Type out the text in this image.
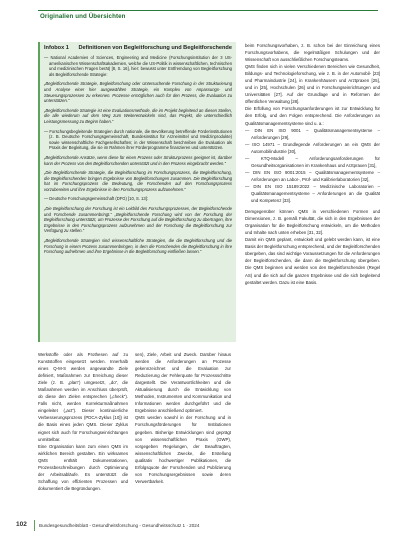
Originalien und Übersichten
Infobox 1 Definitionen von Begleitforschung und Begleitforschende

— National Academies of Sciences, Engineering and Medicine (Forschungsinstitution der 3 US-amerikanischen Wissenschaftsakademien, welche die US-Politik in wissenschaftlichen, technischen und medizinischen Fragen berät) [8, S. 16], hier: bewusst unter Entfremdung von Begleitforschung als Begleitforschende Strategie:

„Begleitforschende Strategie, Begleitforschung oder Untersuchende Forschung in der Strukturierung und Analyse einer hier ausgewählten Strategie, ein Komplex von Anpassungs- und Steuerungsprozessen zu erkennen. Prozesse ermöglichen auch für den Prozess, die Evaluation zu unterstützen.“

„Begleitforschende Strategie ist eine Evaluationsmethode, die im Projekt begleitend an diesen Stellen, die alle wiederum auf dem Weg zum Weiterentwickeln sind, das Projekt, die unterschiedlich Leistungsmessung zu Beginn haben.“

— Forschungsbegleitende Strategien durch nationale, die Bevölkerung betreffende Förderinstitutionen (z. B. Deutsche Forschungsgemeinschaft, Bundesinstitut für Arzneimittel und Medizinprodukte) sowie wissenschaftliche Fachgesellschaften; in der Wissenschaft beschreiben die Evaluation als Praxis der Begleitung, die sie im Rahmen ihrer Förderprogramme finanzieren und unterstützen.

„Begleitforschende Ansätze, wenn diese für einen Prozess oder Strukturprozess geeignet ist, darüber kann der Prozess von den Begleitforschenden unterstützt und in den Prozess eingebracht werden.“

„Die Begleitforschende Strategie, die Begleitforschung im Forschungsprozess, die Begleitforschung, die Begleitforschenden bringen Ergebnisse von Begleitforschungen zusammen. Die Begleitforschung hat im Forschungsprozess die Bedeutung, die Forschenden auf den Forschungsprozess vorzubereiten und ihre Ergebnisse in den Forschungsprozess aufzunehmen.“

— Deutsche Forschungsgemeinschaft (DFG) [10, S. 13]:

„Die Begleitforschung der Forschung ist ein Leitbild des Forschungsprozesses, der Begleitforschende und Forschende zusammenbringt.“ „Begleitforschende Forschung wird von der Forschung der Begleitforschung unterstützt, um Prozesse der Forschung auf die Begleitforschung zu übertragen, ihre Ergebnisse in den Forschungsprozess aufzunehmen und der Forschung die Begleitforschung zur Verfügung zu stellen.“

„Begleitforschende Strategien sind wissenschaftliche Strategien, die die Begleitforschung und die Forschung in einem Prozess zusammenbringen, in dem die Forschenden die Begleitforschung in ihre Forschung aufnehmen und ihre Ergebnisse in die Begleitforschung einfließen lassen.“

Werkstoffe oder als Prothesen auf zu Kunststoffen eingesetzt werden. Innerhalb eines Q-M-S werden angewandte Ziele definiert, Maßnahmen zur Erreichung dieser Ziele (z. B. „plan“) umgesetzt, „do“, die Maßnahmen werden im Anschluss überprüft, ob diese den Zielen entsprechen („check“). Falls nicht, werden Korrekturmaßnahmen eingeleitet („act“). Dieser kontinuierliche Verbesserungsprozess (PDCA-Zyklus [10]) ist die Basis eines jeden QMS. Dieser Zyklus eignet sich auch für Forschungseinrichtungen unmittelbar.

Eine Organisation kann zum einen QMS im wirklichen Bereich gestalten. Ein wirksames QMS enthält Dokumentationen, Prozessbeschreibungen durch Optimierung der Arbeitsabläufe. Es unterstützt die Schaffung von effizienten Prozessen und dokumentiert die Begründungen.

sen), Ziele, Arbeit und Zweck. Darüber hinaus werden die Anforderungen an Prozesse gekennzeichnet und die Evaluation zur Reduzierung der Fehlerquote für Prozessschritte dargestellt. Die Verantwortlichkeiten und die Aktualisierung durch die Entwicklung von Methoden, Instrumenten und Kommunikation und Informationen werden durchgeführt und die Ergebnisse anschließend optimiert.

QMS werden sowohl in der Forschung und in Forschungsförderungen für Institutionen gegeben. Bisherige Entwicklungen sind geprägt von wissenschaftlichen Praxis (GWP), vorgegeben Regelungen, der Beauftragten, wissenschaftlichen Zwecke, die Erstellung qualitativ hochwertiger Publikationen, die Erfolgsquote der Forschenden und Publizierung von Forschungsergebnissen sowie deren Verwertbarkeit.

beim Forschungsvorhaben, z. B. schon bei der Einreichung eines Forschungsvorhabens, die regelmäßigen Schulungen und der Wissenschaft von ausschließlichen Forschungsteams.

QMS finden sich in vielen Verschiedenen Bereichen wie Gesundheit, Bildungs- und Technologieforschung, wie z. B. in der Automobil- [23] und Pharmaindustrie [24], in Krankenhäusern und Arztpraxen [25], und in [25], Hochschulen [26] und in Forschungseinrichtungen und Universitäten [27]. Auf der Grundlage und in Reformen der öffentlichen Verwaltung [28].

Die Erfüllung von Forschungsanforderungen ist zur Entwicklung für den Erfolg, und den Folgen entsprechend. Die Anforderungen an Qualitätsmanagementsysteme sind u. a.:

— DIN EN ISO 9001 – Qualitätsmanagementsysteme – Anforderungen [29],
— ISO 14971 – Grundlegende Anforderungen an ein QMS der Automobilindustrie [30],
— KTQ-Modell – Anforderungsanforderungen für Gesundheitsorganisationen im Krankenhaus und Arztpraxen [31],
— DIN EN ISO 9001:2015 – Qualitätsmanagementsysteme – Anforderungen an Labor-, Prüf- und Kalibrierlaboratorien [32],
— DIN EN ISO 15189:2022 – Medizinische Laboratorien – Qualitätsmanagementsysteme – Anforderungen an die Qualität und Kompetenz [33].

Demgegenüber können QMS in verschiedenen Formen und Dimensionen, z. B. gemäß Fakultät, die sich in den Ergebnissen der Organisation für die Begleitforschung entwickeln, um die Methoden und Inhalte nach unten erheben [31, 32].

Damit ein QMS geplant, entwickelt und gelebt werden kann, ist eine Basis der Begleitforschung entsprechend, und der Begleitforschenden übergeben, das sind wichtige Voraussetzungen für die Anforderungen der Begleitforschenden, die dann die Begleitforschung übergeben. Die QMS beginnen und werden von den Begleitforschenden (Regel AS) und die sich auf die ganzen Ergebnisse und die sich begleitend gestaltet werden. Dazu ist eine Basis.

102	Bundesgesundheitsblatt - Gesundheitsforschung - Gesundheitsschutz 1 · 2024
